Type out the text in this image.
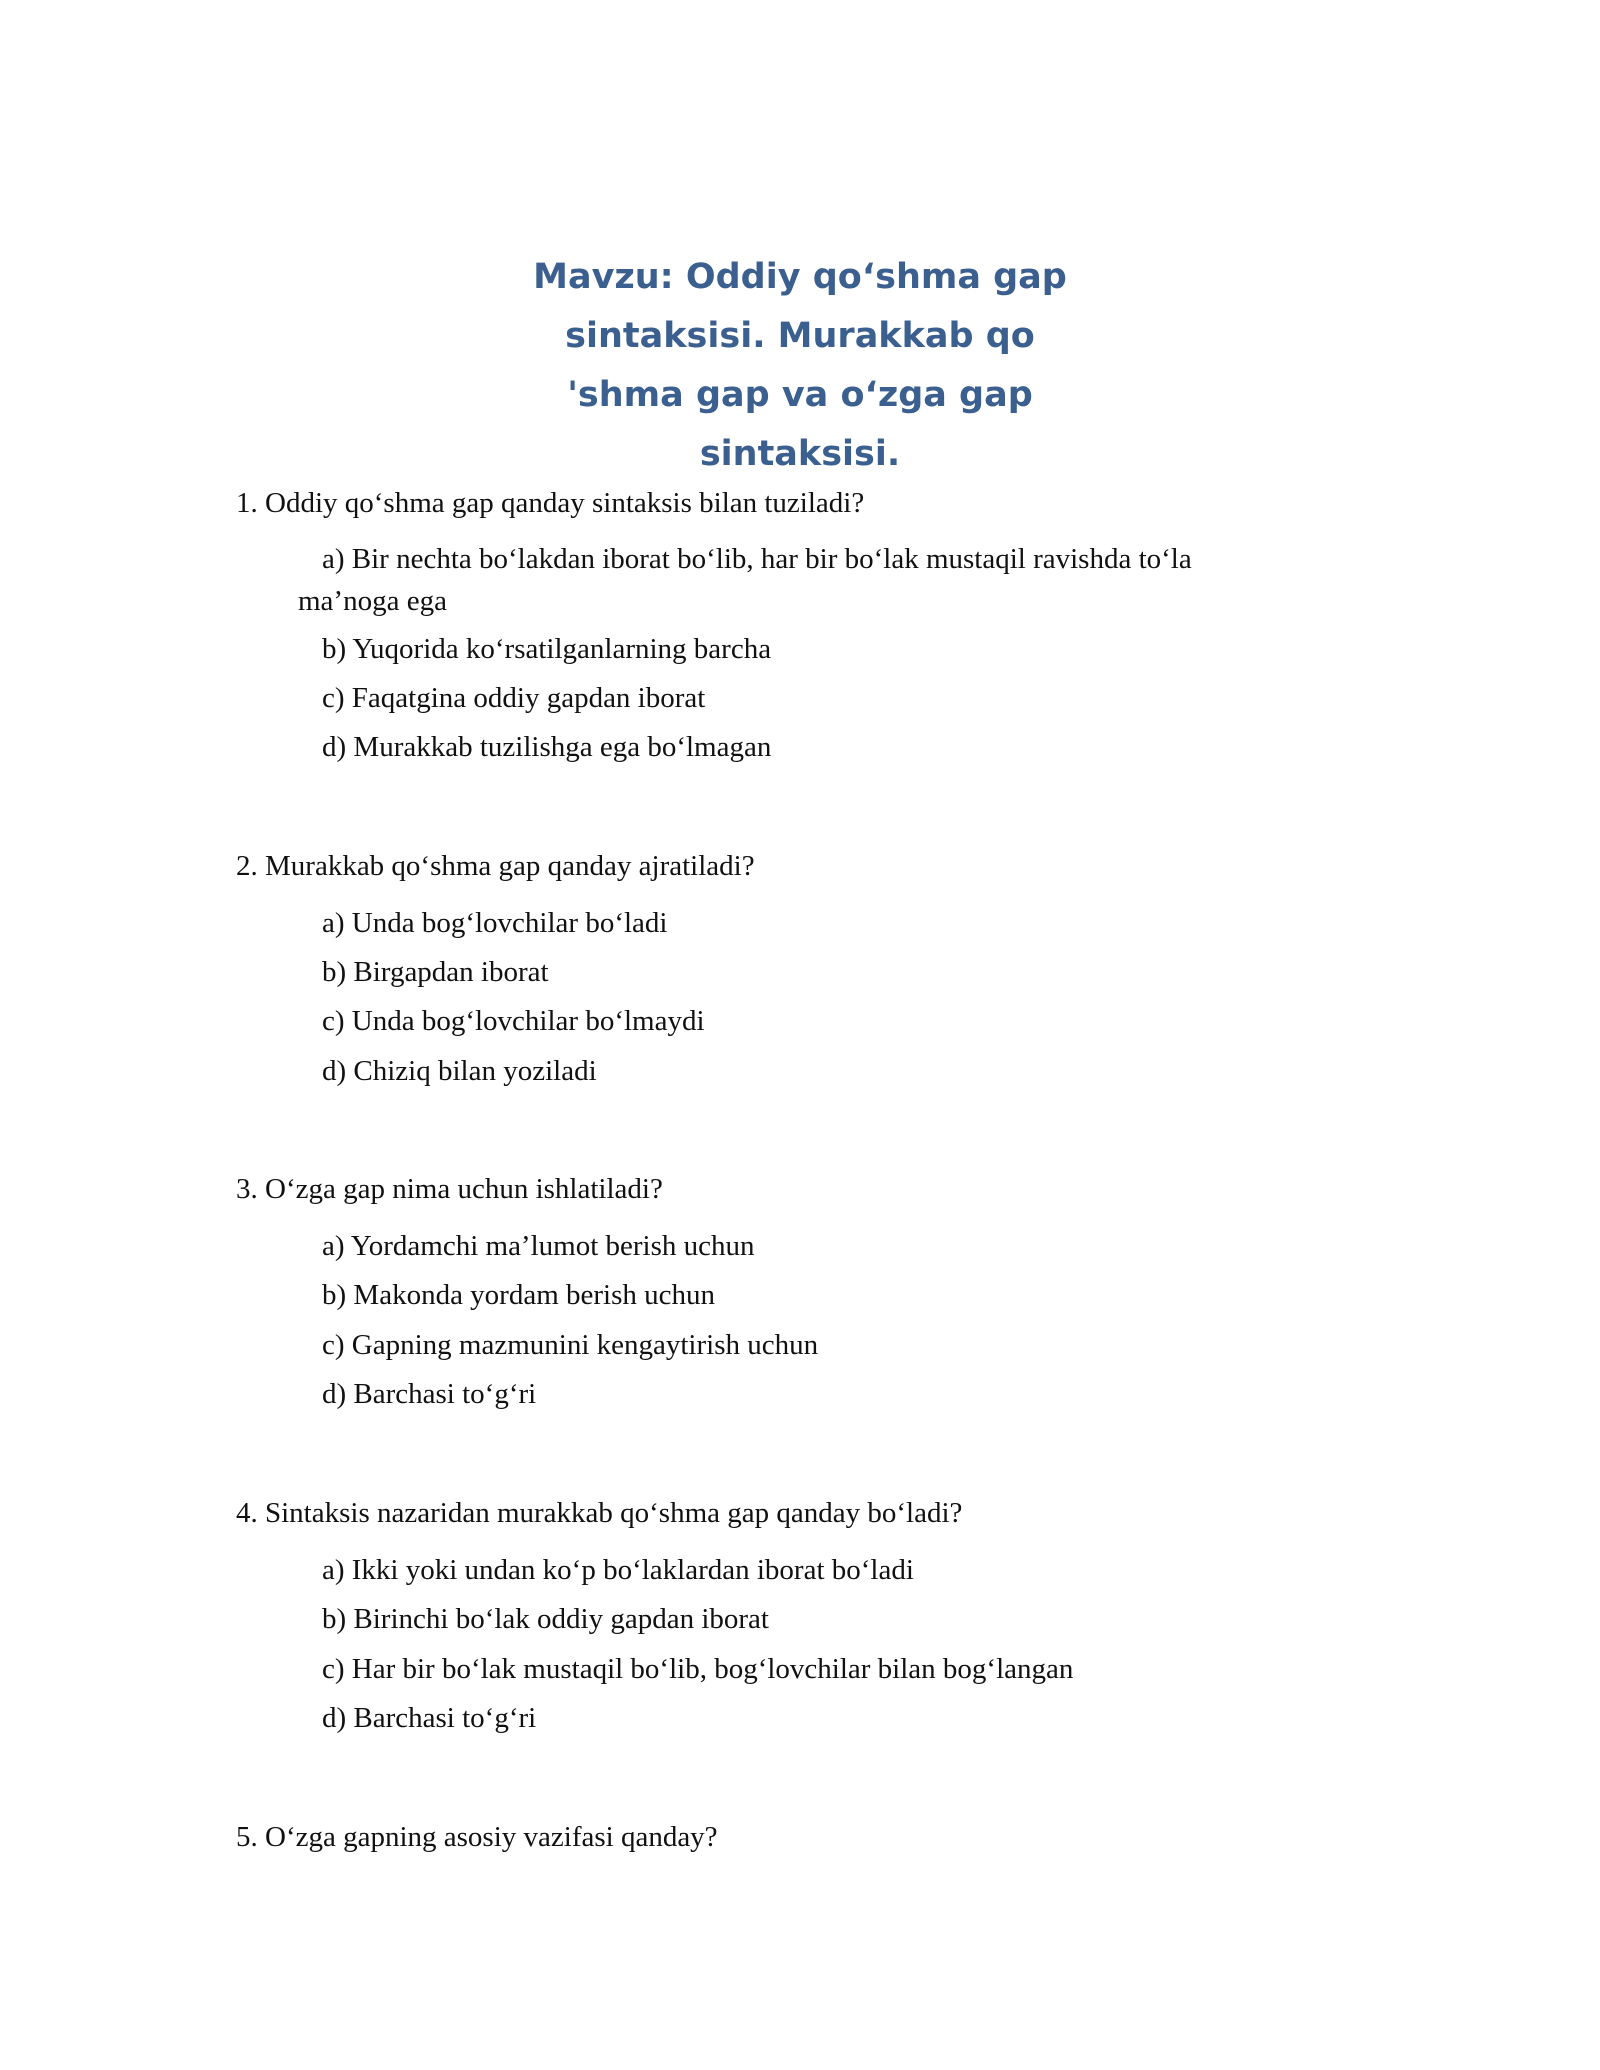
Mavzu: Oddiy qo‘shma gap
sintaksisi. Murakkab qo
'shma gap va o‘zga gap
sintaksisi.

1. Oddiy qo‘shma gap qanday sintaksis bilan tuziladi?

a) Bir nechta bo‘lakdan iborat bo‘lib, har bir bo‘lak mustaqil ravishda to‘la ma’noga ega

b) Yuqorida ko‘rsatilganlarning barcha

c) Faqatgina oddiy gapdan iborat

d) Murakkab tuzilishga ega bo‘lmagan

2. Murakkab qo‘shma gap qanday ajratiladi?

a) Unda bog‘lovchilar bo‘ladi

b) Birgapdan iborat

c) Unda bog‘lovchilar bo‘lmaydi

d) Chiziq bilan yoziladi

3. O‘zga gap nima uchun ishlatiladi?

a) Yordamchi ma’lumot berish uchun

b) Makonda yordam berish uchun

c) Gapning mazmunini kengaytirish uchun

d) Barchasi to‘g‘ri

4. Sintaksis nazaridan murakkab qo‘shma gap qanday bo‘ladi?

a) Ikki yoki undan ko‘p bo‘laklardan iborat bo‘ladi

b) Birinchi bo‘lak oddiy gapdan iborat

c) Har bir bo‘lak mustaqil bo‘lib, bog‘lovchilar bilan bog‘langan

d) Barchasi to‘g‘ri

5. O‘zga gapning asosiy vazifasi qanday?
